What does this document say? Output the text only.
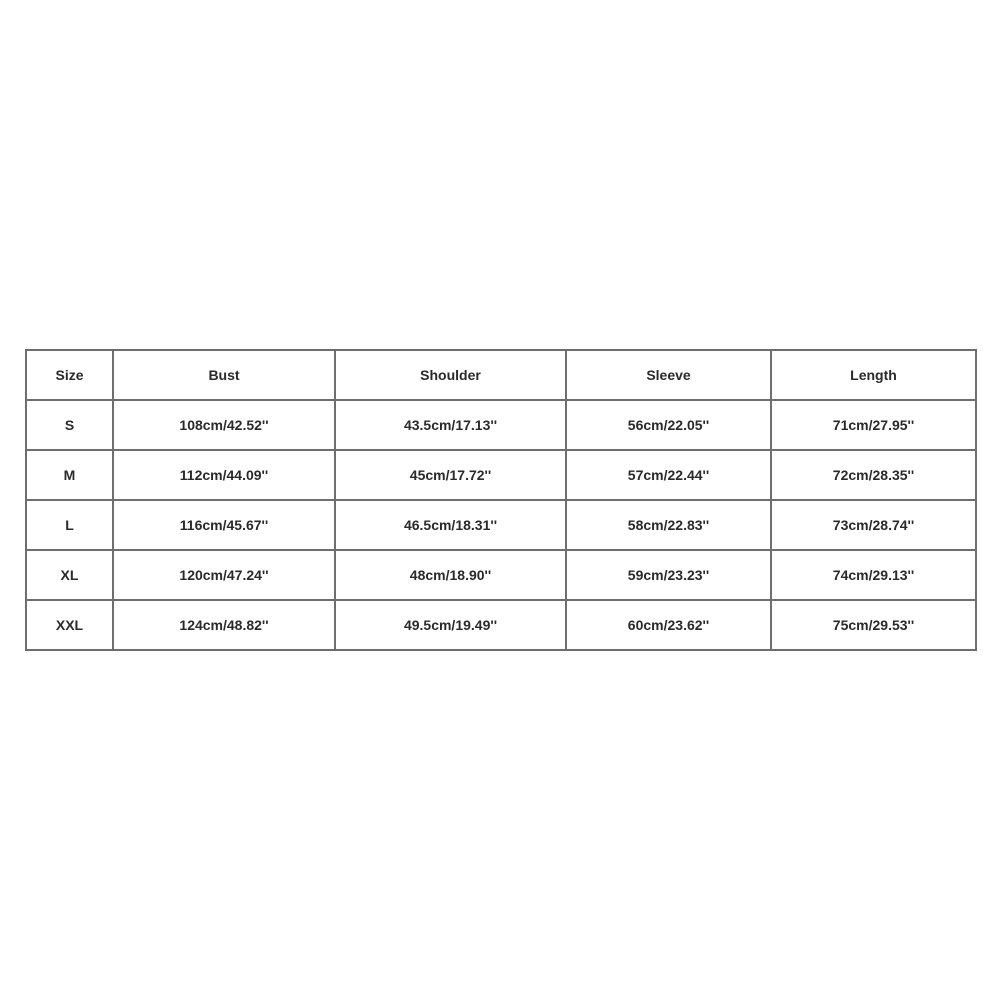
Size	Bust	Shoulder	Sleeve	Length
S	108cm/42.52''	43.5cm/17.13''	56cm/22.05''	71cm/27.95''
M	112cm/44.09''	45cm/17.72''	57cm/22.44''	72cm/28.35''
L	116cm/45.67''	46.5cm/18.31''	58cm/22.83''	73cm/28.74''
XL	120cm/47.24''	48cm/18.90''	59cm/23.23''	74cm/29.13''
XXL	124cm/48.82''	49.5cm/19.49''	60cm/23.62''	75cm/29.53''
